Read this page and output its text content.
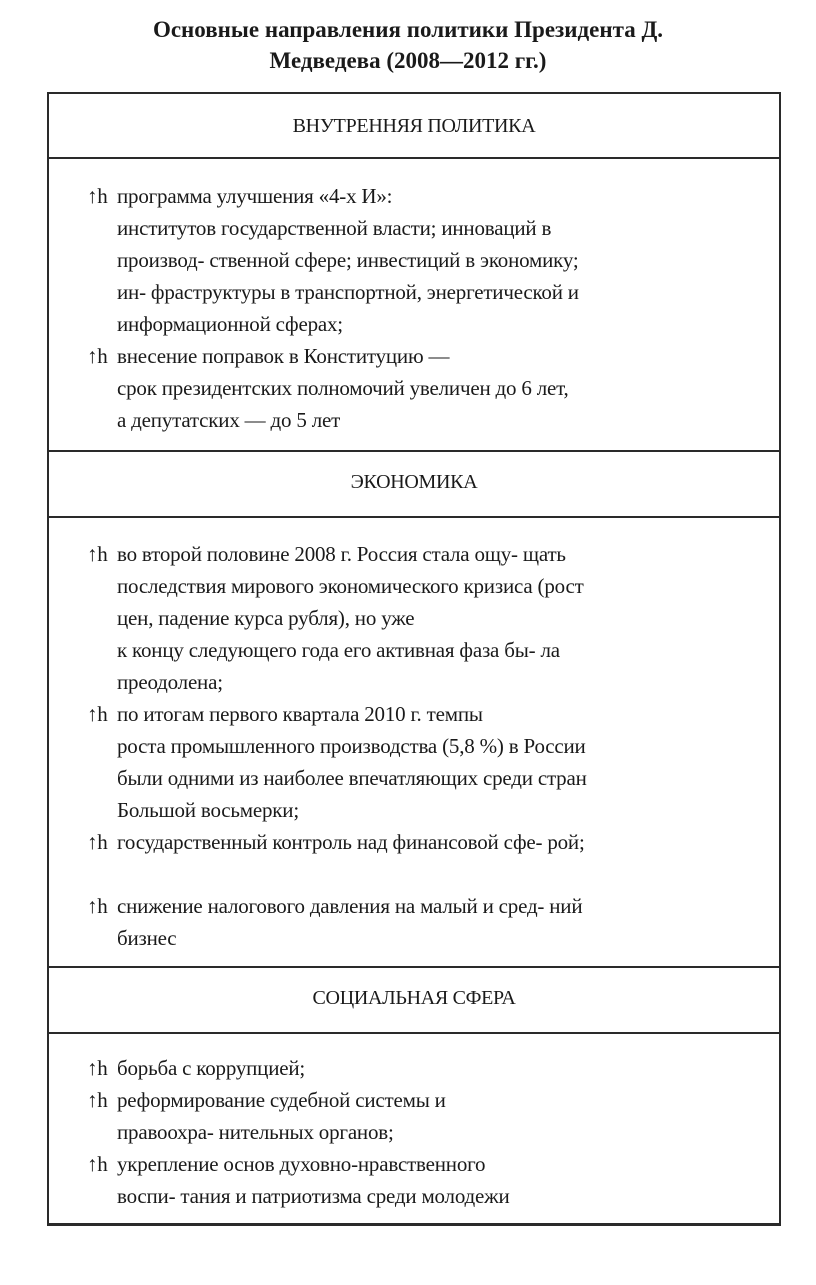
Основные направления политики Президента Д.
Медведева (2008—2012 гг.)
ВНУТРЕННЯЯ ПОЛИТИКА
↑h программа улучшения «4-х И»:
институтов государственной власти; инноваций в
производ- ственной сфере; инвестиций в экономику;
ин- фраструктуры в транспортной, энергетической и
информационной сферах;
↑h внесение поправок в Конституцию —
срок президентских полномочий увеличен до 6 лет,
а депутатских — до 5 лет
ЭКОНОМИКА
↑h во второй половине 2008 г. Россия стала ощу- щать
последствия мирового экономического кризиса (рост
цен, падение курса рубля), но уже
к концу следующего года его активная фаза бы- ла
преодолена;
↑h по итогам первого квартала 2010 г. темпы
роста промышленного производства (5,8 %) в России
были одними из наиболее впечатляющих среди стран
Большой восьмерки;
↑h государственный контроль над финансовой сфе- рой;
↑h снижение налогового давления на малый и сред- ний
бизнес
СОЦИАЛЬНАЯ СФЕРА
↑h борьба с коррупцией;
↑h реформирование судебной системы и
правоохра- нительных органов;
↑h укрепление основ духовно-нравственного
воспи- тания и патриотизма среди молодежи
